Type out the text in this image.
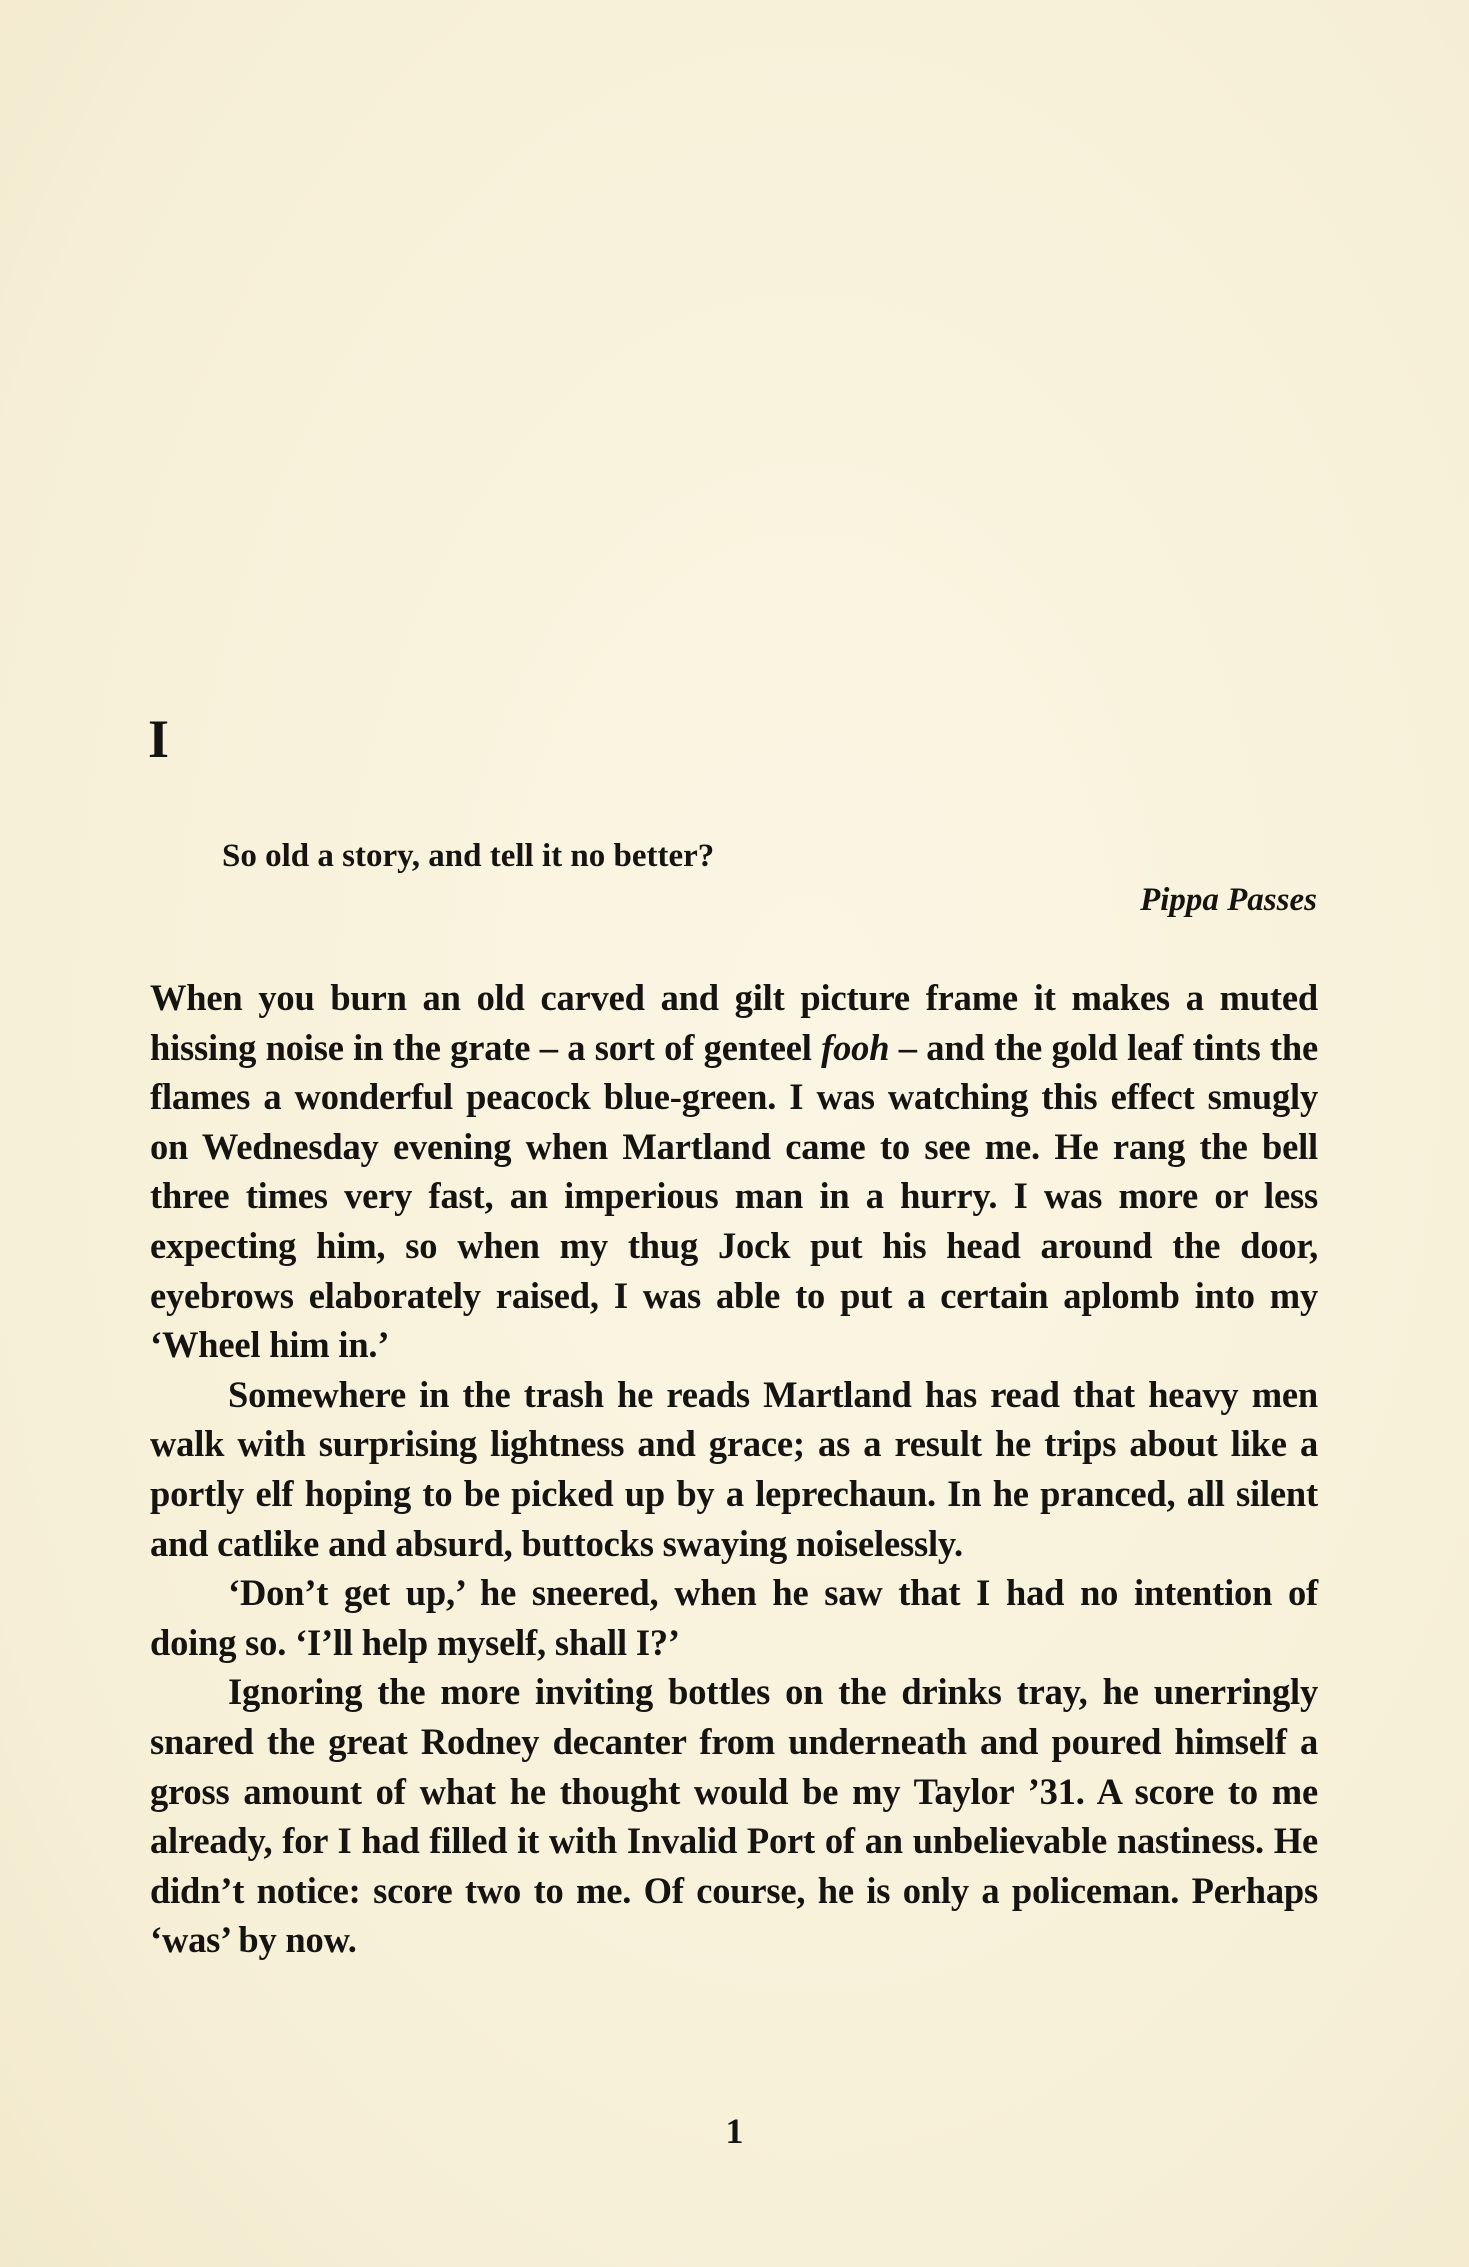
I
So old a story, and tell it no better?
Pippa Passes

When you burn an old carved and gilt picture frame it makes a muted hissing noise in the grate – a sort of genteel fooh – and the gold leaf tints the flames a wonderful peacock blue-green. I was watching this effect smugly on Wednesday evening when Martland came to see me. He rang the bell three times very fast, an imperious man in a hurry. I was more or less expecting him, so when my thug Jock put his head around the door, eyebrows elaborately raised, I was able to put a certain aplomb into my ‘Wheel him in.’

Somewhere in the trash he reads Martland has read that heavy men walk with surprising lightness and grace; as a result he trips about like a portly elf hoping to be picked up by a leprechaun. In he pranced, all silent and catlike and absurd, buttocks swaying noiselessly.

‘Don’t get up,’ he sneered, when he saw that I had no intention of doing so. ‘I’ll help myself, shall I?’

Ignoring the more inviting bottles on the drinks tray, he unerringly snared the great Rodney decanter from underneath and poured himself a gross amount of what he thought would be my Taylor ’31. A score to me already, for I had filled it with Invalid Port of an unbelievable nastiness. He didn’t notice: score two to me. Of course, he is only a policeman. Perhaps ‘was’ by now.

1
